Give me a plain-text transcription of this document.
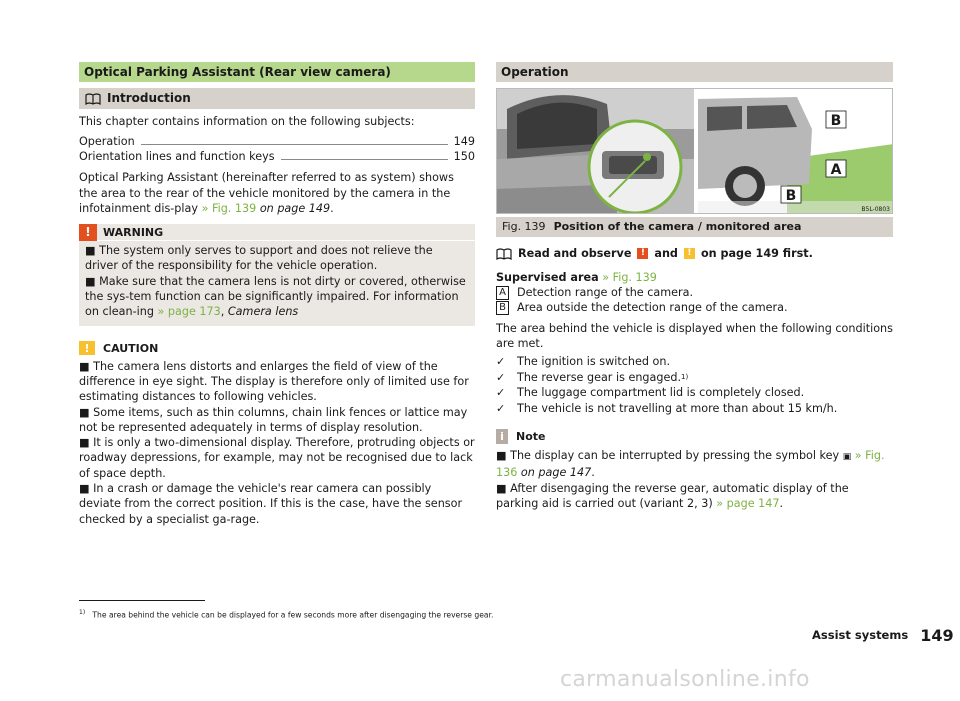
Optical Parking Assistant (Rear view camera)
Introduction

This chapter contains information on the following subjects:

Operation	149
Orientation lines and function keys	150

Optical Parking Assistant (hereinafter referred to as system) shows the area to the rear of the vehicle monitored by the camera in the infotainment dis-play » Fig. 139 on page 149.

!	WARNING
■ The system only serves to support and does not relieve the driver of the responsibility for the vehicle operation.
■ Make sure that the camera lens is not dirty or covered, otherwise the sys-tem function can be significantly impaired. For information on clean-ing » page 173, Camera lens
!	CAUTION
■ The camera lens distorts and enlarges the field of view of the difference in eye sight. The display is therefore only of limited use for estimating distances to following vehicles.
■ Some items, such as thin columns, chain link fences or lattice may not be represented adequately in terms of display resolution.
■ It is only a two-dimensional display. Therefore, protruding objects or roadway depressions, for example, may not be recognised due to lack of space depth.
■ In a crash or damage the vehicle's rear camera can possibly deviate from the correct position. If this is the case, have the sensor checked by a specialist ga-rage.
Operation
B
A
B
B5L-0803
Fig. 139 Position of the camera / monitored area
Read and observe	! and	! on page 149 first.
Supervised area » Fig. 139
A Detection range of the camera.
B Area outside the detection range of the camera.

The area behind the vehicle is displayed when the following conditions are met.

✓	The ignition is switched on.
✓	The reverse gear is engaged. 1)
✓	The luggage compartment lid is completely closed.
✓	The vehicle is not travelling at more than about 15 km/h.
i	Note
■ The display can be interrupted by pressing the symbol key ▣ » Fig. 136 on page 147.
■ After disengaging the reverse gear, automatic display of the parking aid is carried out (variant 2, 3) » page 147.
$^{1)}$ The area behind the vehicle can be displayed for a few seconds more after disengaging the reverse gear.
Assist systems 149
carmanualsonline.info
